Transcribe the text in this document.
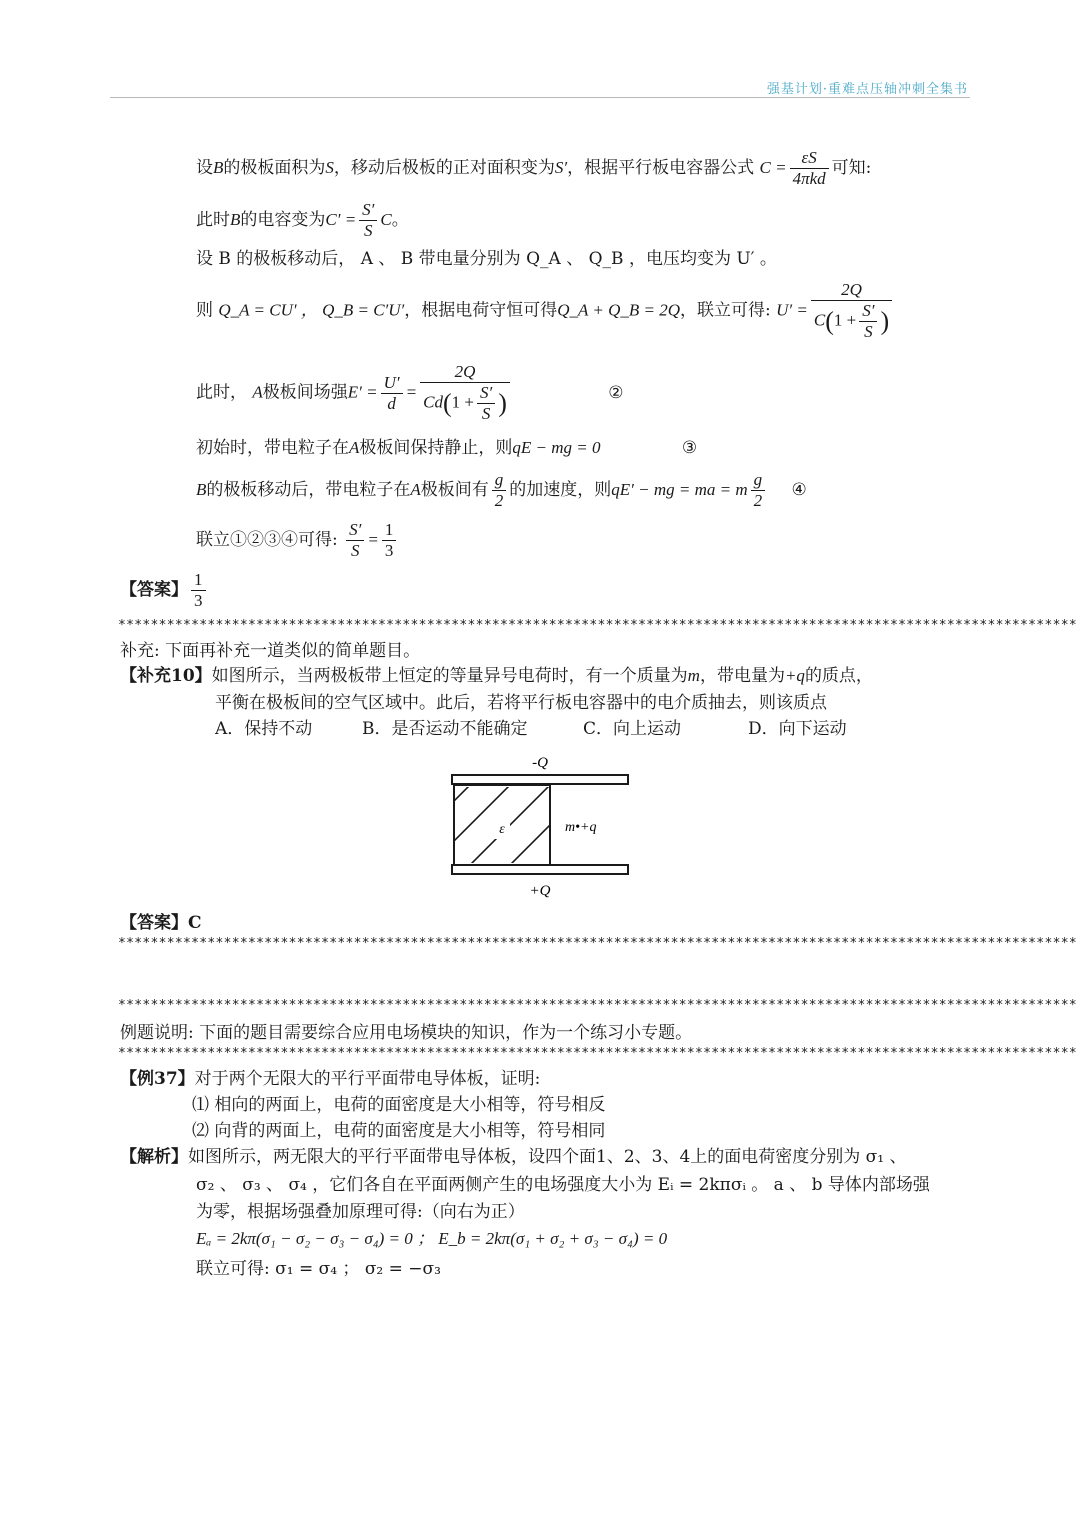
强基计划·重难点压轴冲刺全集书
设B的极板面积为S，移动后极板的正对面积变为S′，根据平行板电容器公式 $C = \frac{\varepsilon S}{\text{4πkd}}$ 可知:
此时B的电容变为$C' = \frac{S'}{S}$ C。
设 B 的极板移动后， A 、 B 带电量分别为 Q_A 、 Q_B ，电压均变为 U′ 。
则 Q_A = CU′ ， Q_B = C′U′，根据电荷守恒可得Q_A + Q_B = 2Q，联立可得: $U' = \frac{2Q}{C(1 + \frac{S'}{S} )}$
此时， A极板间场强$E' = \frac{U'}{d} = \frac{2Q}{Cd(1 + \frac{S'}{S} )}$	②
初始时，带电粒子在A极板间保持静止，则qE − mg = 0	③
B的极板移动后，带电粒子在A极板间有 $\frac{g}{2}$ 的加速度，则qE′ − mg = ma = m $\frac{g}{2}$ ④
联立①②③④可得: $\frac{S'}{S} = \frac{1}{3}$
【答案】 $\frac{1}{3}$
**********************************************************************************************************************
补充: 下面再补充一道类似的简单题目。
【补充10】如图所示，当两极板带上恒定的等量异号电荷时，有一个质量为m，带电量为+q的质点，
平衡在极板间的空气区域中。此后，若将平行板电容器中的电介质抽去，则该质点
A．保持不动	B．是否运动不能确定	C．向上运动	D．向下运动
-Q
+Q
ε	m•+q
【答案】C
**********************************************************************************************************************
**********************************************************************************************************************
例题说明: 下面的题目需要综合应用电场模块的知识，作为一个练习小专题。
**********************************************************************************************************************
【例37】对于两个无限大的平行平面带电导体板，证明:
⑴ 相向的两面上，电荷的面密度是大小相等，符号相反
⑵ 向背的两面上，电荷的面密度是大小相等，符号相同
【解析】如图所示，两无限大的平行平面带电导体板，设四个面1、2、3、4上的面电荷密度分别为 σ₁ 、
σ₂ 、 σ₃ 、 σ₄ ，它们各自在平面两侧产生的电场强度大小为 Eᵢ = 2kπσᵢ 。 a 、 b 导体内部场强
为零，根据场强叠加原理可得:（向右为正）
Eₐ = 2kπ(σ₁ − σ₂ − σ₃ − σ₄) = 0 ； E_b = 2kπ(σ₁ + σ₂ + σ₃ − σ₄) = 0
联立可得: σ₁ = σ₄ ； σ₂ = −σ₃
